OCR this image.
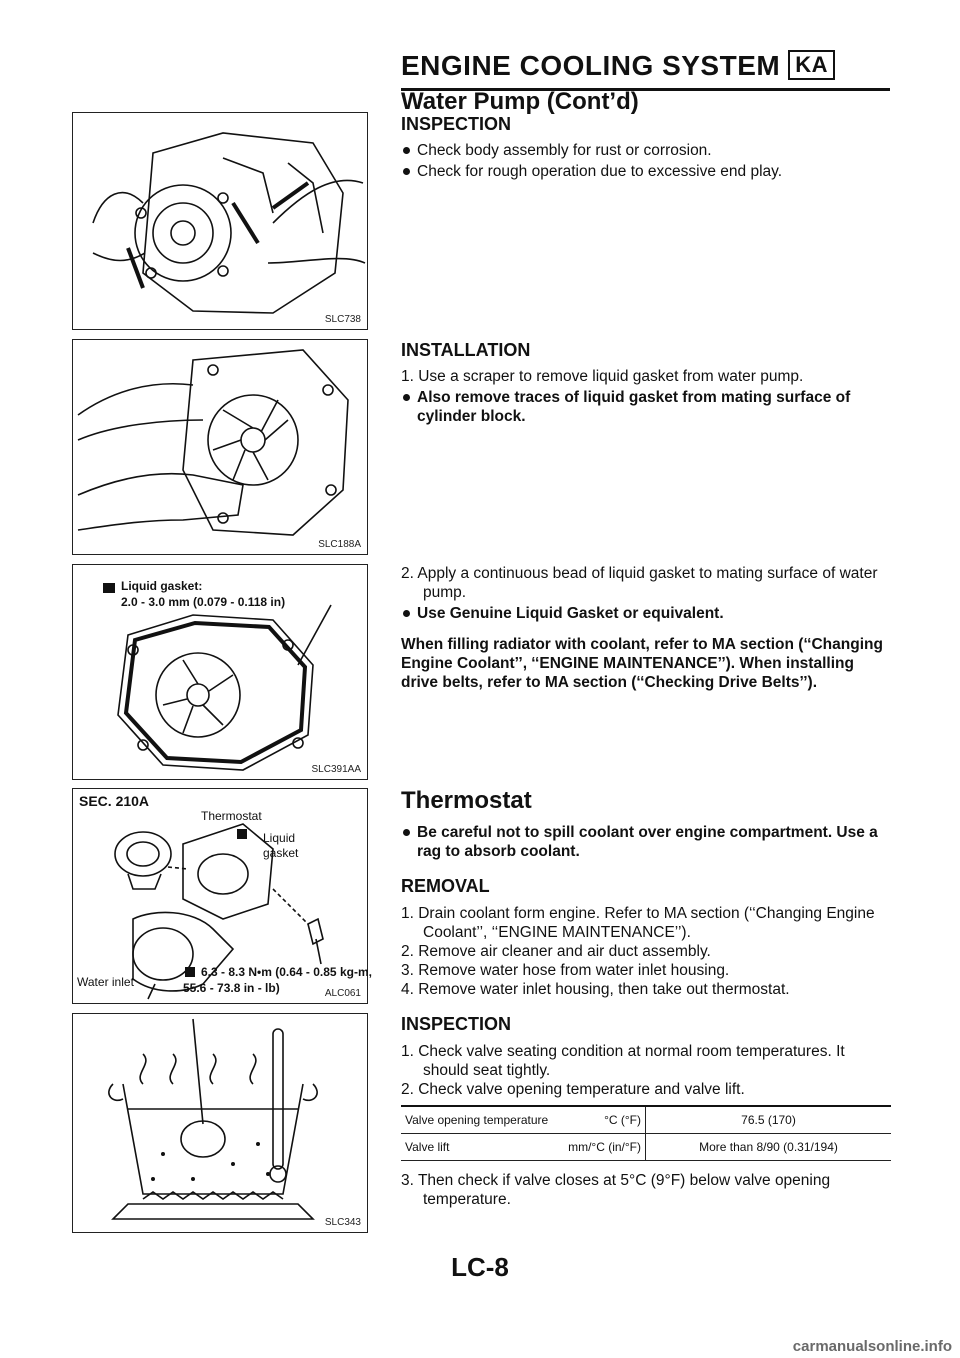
ENGINE COOLING SYSTEM KA
Water Pump (Cont’d)
SLC738
SLC188A
Liquid gasket:
2.0 - 3.0 mm (0.079 - 0.118 in)
SLC391AA
SEC. 210A
Thermostat
Liquid
gasket
Water inlet
6.3 - 8.3 N•m (0.64 - 0.85 kg-m,
55.6 - 73.8 in - lb)	ALC061
SLC343
INSPECTION

Check body assembly for rust or corrosion.

Check for rough operation due to excessive end play.

INSTALLATION

1. Use a scraper to remove liquid gasket from water pump.

Also remove traces of liquid gasket from mating surface of cylinder block.

2. Apply a continuous bead of liquid gasket to mating surface of water pump.

Use Genuine Liquid Gasket or equivalent.

When filling radiator with coolant, refer to MA section (‘‘Changing Engine Coolant’’, ‘‘ENGINE MAINTENANCE’’). When installing drive belts, refer to MA section (‘‘Checking Drive Belts’’).

Thermostat

Be careful not to spill coolant over engine compartment. Use a rag to absorb coolant.

REMOVAL

1. Drain coolant form engine. Refer to MA section (‘‘Changing Engine Coolant’’, ‘‘ENGINE MAINTENANCE’’).

2. Remove air cleaner and air duct assembly.

3. Remove water hose from water inlet housing.

4. Remove water inlet housing, then take out thermostat.

INSPECTION

1. Check valve seating condition at normal room temperatures. It should seat tightly.

2. Check valve opening temperature and valve lift.

Valve opening temperature °C (°F)	76.5 (170)
Valve lift mm/°C (in/°F)	More than 8/90 (0.31/194)

3. Then check if valve closes at 5°C (9°F) below valve opening temperature.

LC-8
carmanualsonline.info
